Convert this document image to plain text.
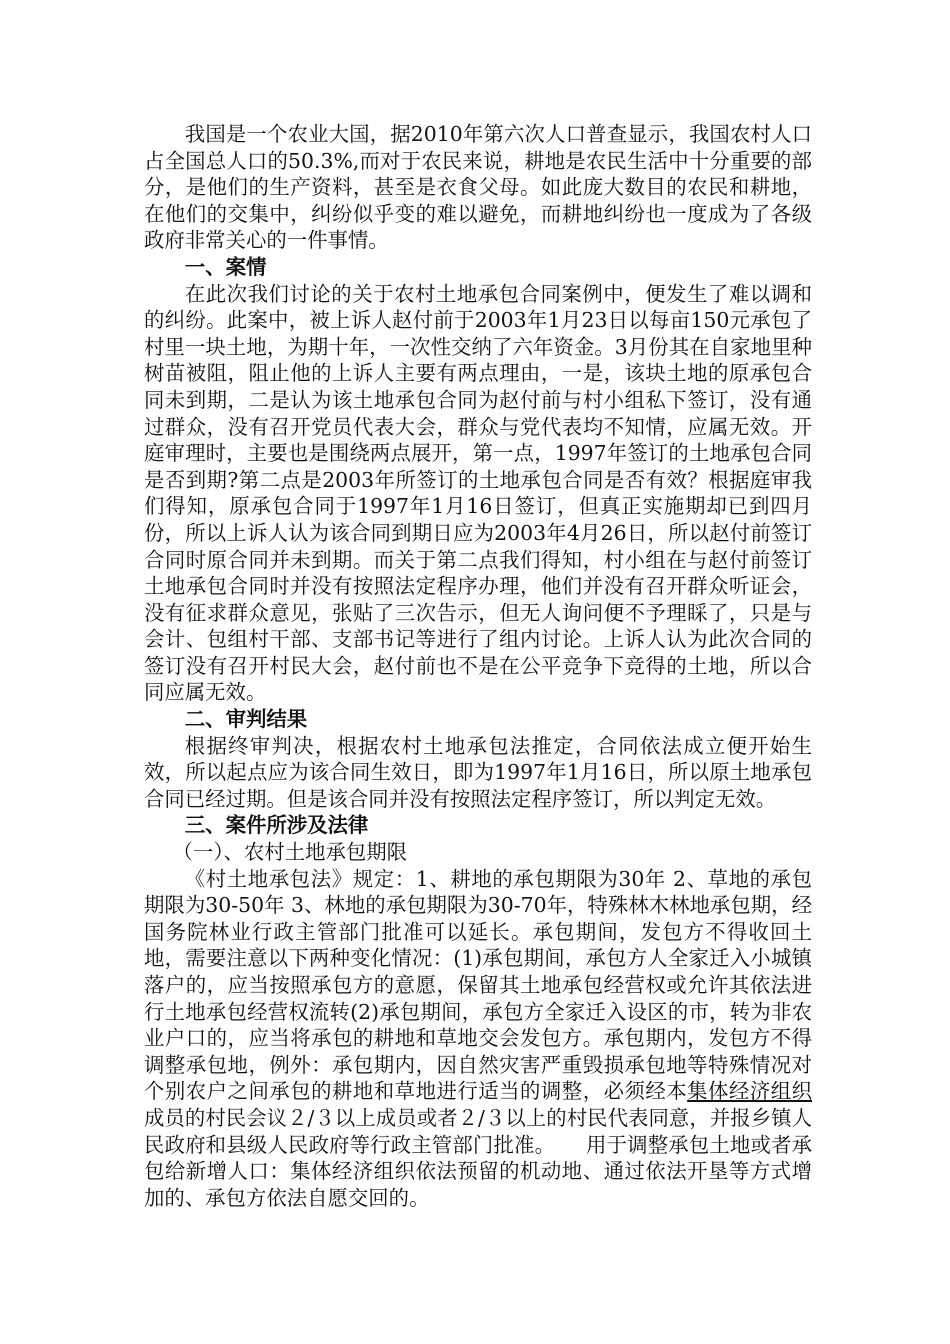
我国是一个农业大国，据2010年第六次人口普查显示，我国农村人口占全国总人口的50.3%,而对于农民来说，耕地是农民生活中十分重要的部分，是他们的生产资料，甚至是衣食父母。如此庞大数目的农民和耕地，在他们的交集中，纠纷似乎变的难以避免，而耕地纠纷也一度成为了各级政府非常关心的一件事情。

一、案情

在此次我们讨论的关于农村土地承包合同案例中，便发生了难以调和的纠纷。此案中，被上诉人赵付前于2003年1月23日以每亩150元承包了村里一块土地，为期十年，一次性交纳了六年资金。3月份其在自家地里种树苗被阻，阻止他的上诉人主要有两点理由，一是，该块土地的原承包合同未到期，二是认为该土地承包合同为赵付前与村小组私下签订，没有通过群众，没有召开党员代表大会，群众与党代表均不知情，应属无效。开庭审理时，主要也是围绕两点展开，第一点，1997年签订的土地承包合同是否到期?第二点是2003年所签订的土地承包合同是否有效？根据庭审我们得知，原承包合同于1997年1月16日签订，但真正实施期却已到四月份，所以上诉人认为该合同到期日应为2003年4月26日，所以赵付前签订合同时原合同并未到期。而关于第二点我们得知，村小组在与赵付前签订土地承包合同时并没有按照法定程序办理，他们并没有召开群众听证会，没有征求群众意见，张贴了三次告示，但无人询问便不予理睬了，只是与会计、包组村干部、支部书记等进行了组内讨论。上诉人认为此次合同的签订没有召开村民大会，赵付前也不是在公平竞争下竞得的土地，所以合同应属无效。

二、审判结果

根据终审判决，根据农村土地承包法推定，合同依法成立便开始生效，所以起点应为该合同生效日，即为1997年1月16日，所以原土地承包合同已经过期。但是该合同并没有按照法定程序签订，所以判定无效。

三、案件所涉及法律

（一）、农村土地承包期限

《村土地承包法》规定：1、耕地的承包期限为30年 2、草地的承包期限为30-50年 3、林地的承包期限为30-70年，特殊林木林地承包期，经国务院林业行政主管部门批准可以延长。承包期间，发包方不得收回土地，需要注意以下两种变化情况：(1)承包期间，承包方人全家迁入小城镇落户的，应当按照承包方的意愿，保留其土地承包经营权或允许其依法进行土地承包经营权流转(2)承包期间，承包方全家迁入设区的市，转为非农业户口的，应当将承包的耕地和草地交会发包方。承包期内，发包方不得调整承包地，例外：承包期内，因自然灾害严重毁损承包地等特殊情况对个别农户之间承包的耕地和草地进行适当的调整，必须经本集体经济组织成员的村民会议２/３以上成员或者２/３以上的村民代表同意，并报乡镇人民政府和县级人民政府等行政主管部门批准。　　用于调整承包土地或者承包给新增人口：集体经济组织依法预留的机动地、通过依法开垦等方式增加的、承包方依法自愿交回的。
